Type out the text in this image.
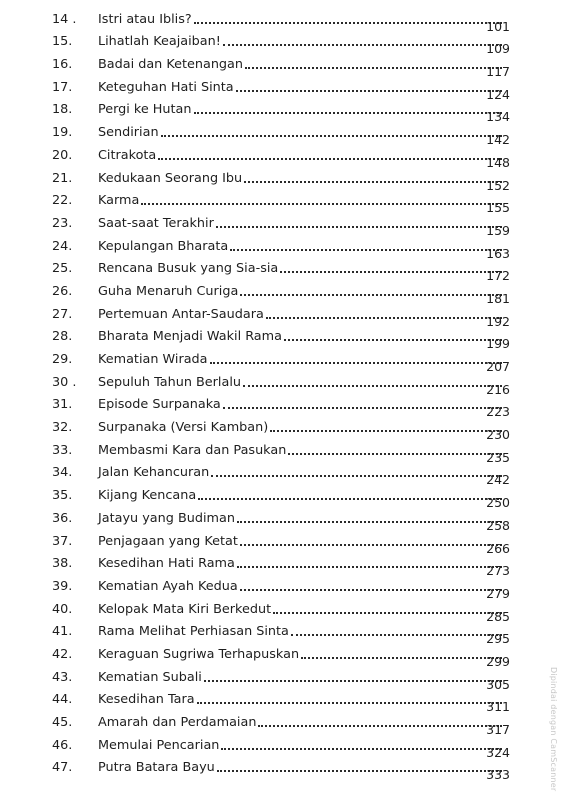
14 .	Istri atau Iblis?	101
15.	Lihatlah Keajaiban!	109
16.	Badai dan Ketenangan	117
17.	Keteguhan Hati Sinta	124
18.	Pergi ke Hutan	134
19.	Sendirian	142
20.	Citrakota	148
21.	Kedukaan Seorang Ibu	152
22.	Karma	155
23.	Saat-saat Terakhir	159
24.	Kepulangan Bharata	163
25.	Rencana Busuk yang Sia-sia	172
26.	Guha Menaruh Curiga	181
27.	Pertemuan Antar-Saudara	192
28.	Bharata Menjadi Wakil Rama	199
29.	Kematian Wirada	207
30 .	Sepuluh Tahun Berlalu	216
31.	Episode Surpanaka	223
32.	Surpanaka (Versi Kamban)	230
33.	Membasmi Kara dan Pasukan	235
34.	Jalan Kehancuran	242
35.	Kijang Kencana	250
36.	Jatayu yang Budiman	258
37.	Penjagaan yang Ketat	266
38.	Kesedihan Hati Rama	273
39.	Kematian Ayah Kedua	279
40.	Kelopak Mata Kiri Berkedut	285
41.	Rama Melihat Perhiasan Sinta	295
42.	Keraguan Sugriwa Terhapuskan	299
43.	Kematian Subali	305
44.	Kesedihan Tara	311
45.	Amarah dan Perdamaian	317
46.	Memulai Pencarian	324
47.	Putra Batara Bayu	333	Dipindai dengan CamScanner
